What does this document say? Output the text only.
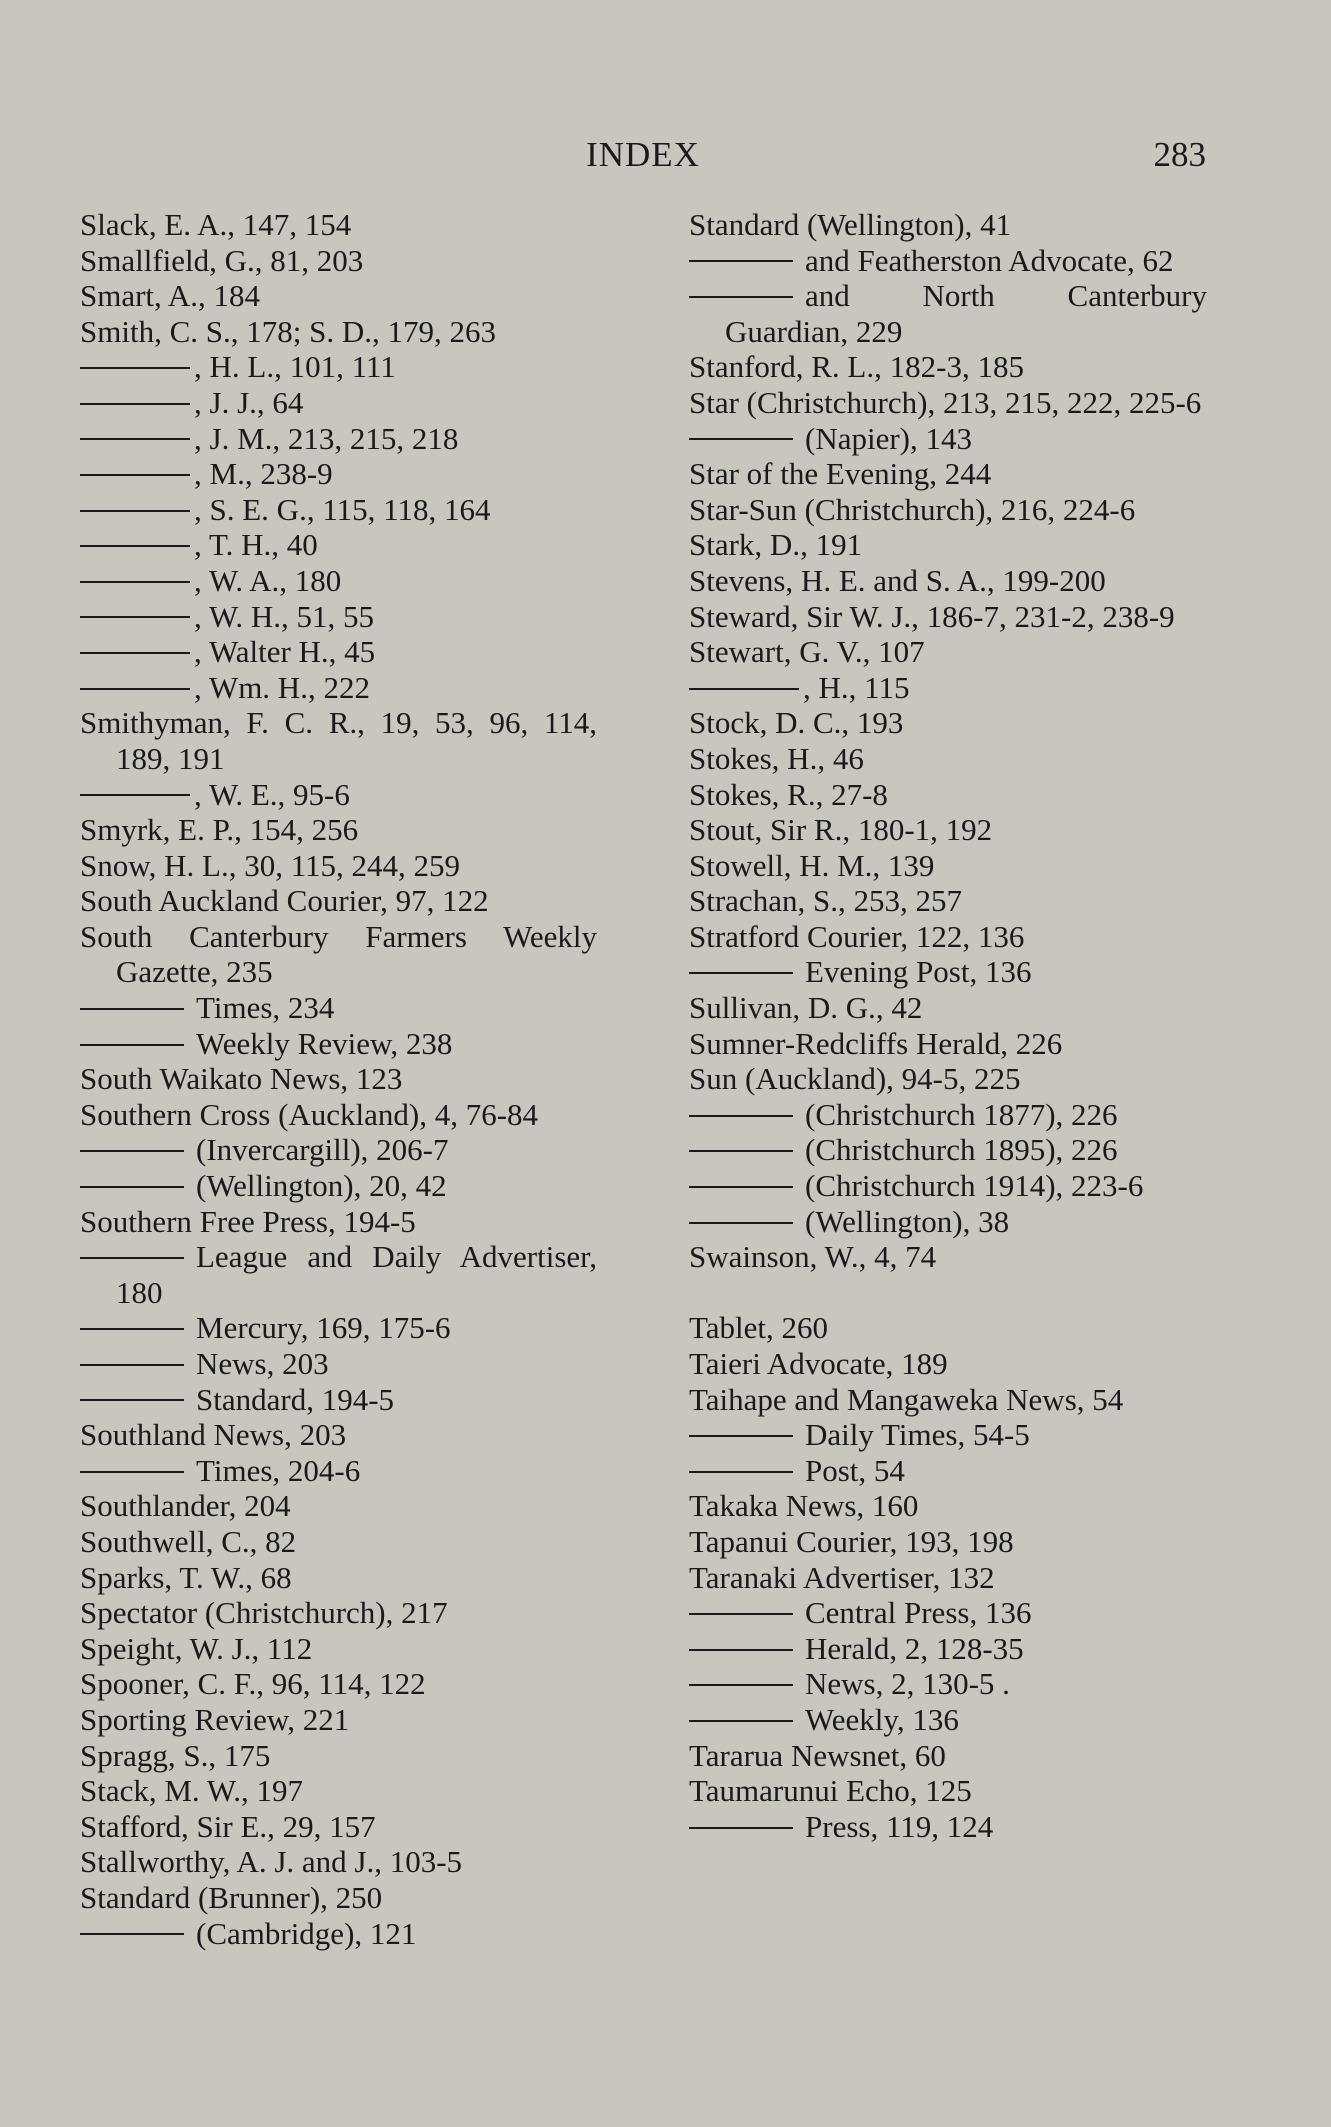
INDEX	283
Slack, E. A., 147, 154
Smallfield, G., 81, 203
Smart, A., 184
Smith, C. S., 178; S. D., 179, 263
, H. L., 101, 111
, J. J., 64
, J. M., 213, 215, 218
, M., 238-9
, S. E. G., 115, 118, 164
, T. H., 40
, W. A., 180
, W. H., 51, 55
, Walter H., 45
, Wm. H., 222
Smithyman, F. C. R., 19, 53, 96, 114, 189, 191
, W. E., 95-6
Smyrk, E. P., 154, 256
Snow, H. L., 30, 115, 244, 259
South Auckland Courier, 97, 122
South Canterbury Farmers Weekly Gazette, 235
Times, 234
Weekly Review, 238
South Waikato News, 123
Southern Cross (Auckland), 4, 76-84
(Invercargill), 206-7
(Wellington), 20, 42
Southern Free Press, 194-5
League and Daily Advertiser, 180
Mercury, 169, 175-6
News, 203
Standard, 194-5
Southland News, 203
Times, 204-6
Southlander, 204
Southwell, C., 82
Sparks, T. W., 68
Spectator (Christchurch), 217
Speight, W. J., 112
Spooner, C. F., 96, 114, 122
Sporting Review, 221
Spragg, S., 175
Stack, M. W., 197
Stafford, Sir E., 29, 157
Stallworthy, A. J. and J., 103-5
Standard (Brunner), 250
(Cambridge), 121
Standard (Wellington), 41
and Featherston Advocate, 62
and North Canterbury Guardian, 229
Stanford, R. L., 182-3, 185
Star (Christchurch), 213, 215, 222, 225-6
(Napier), 143
Star of the Evening, 244
Star-Sun (Christchurch), 216, 224-6
Stark, D., 191
Stevens, H. E. and S. A., 199-200
Steward, Sir W. J., 186-7, 231-2, 238-9
Stewart, G. V., 107
, H., 115
Stock, D. C., 193
Stokes, H., 46
Stokes, R., 27-8
Stout, Sir R., 180-1, 192
Stowell, H. M., 139
Strachan, S., 253, 257
Stratford Courier, 122, 136
Evening Post, 136
Sullivan, D. G., 42
Sumner-Redcliffs Herald, 226
Sun (Auckland), 94-5, 225
(Christchurch 1877), 226
(Christchurch 1895), 226
(Christchurch 1914), 223-6
(Wellington), 38
Swainson, W., 4, 74
Tablet, 260
Taieri Advocate, 189
Taihape and Mangaweka News, 54
Daily Times, 54-5
Post, 54
Takaka News, 160
Tapanui Courier, 193, 198
Taranaki Advertiser, 132
Central Press, 136
Herald, 2, 128-35
News, 2, 130-5 .
Weekly, 136
Tararua Newsnet, 60
Taumarunui Echo, 125
Press, 119, 124
